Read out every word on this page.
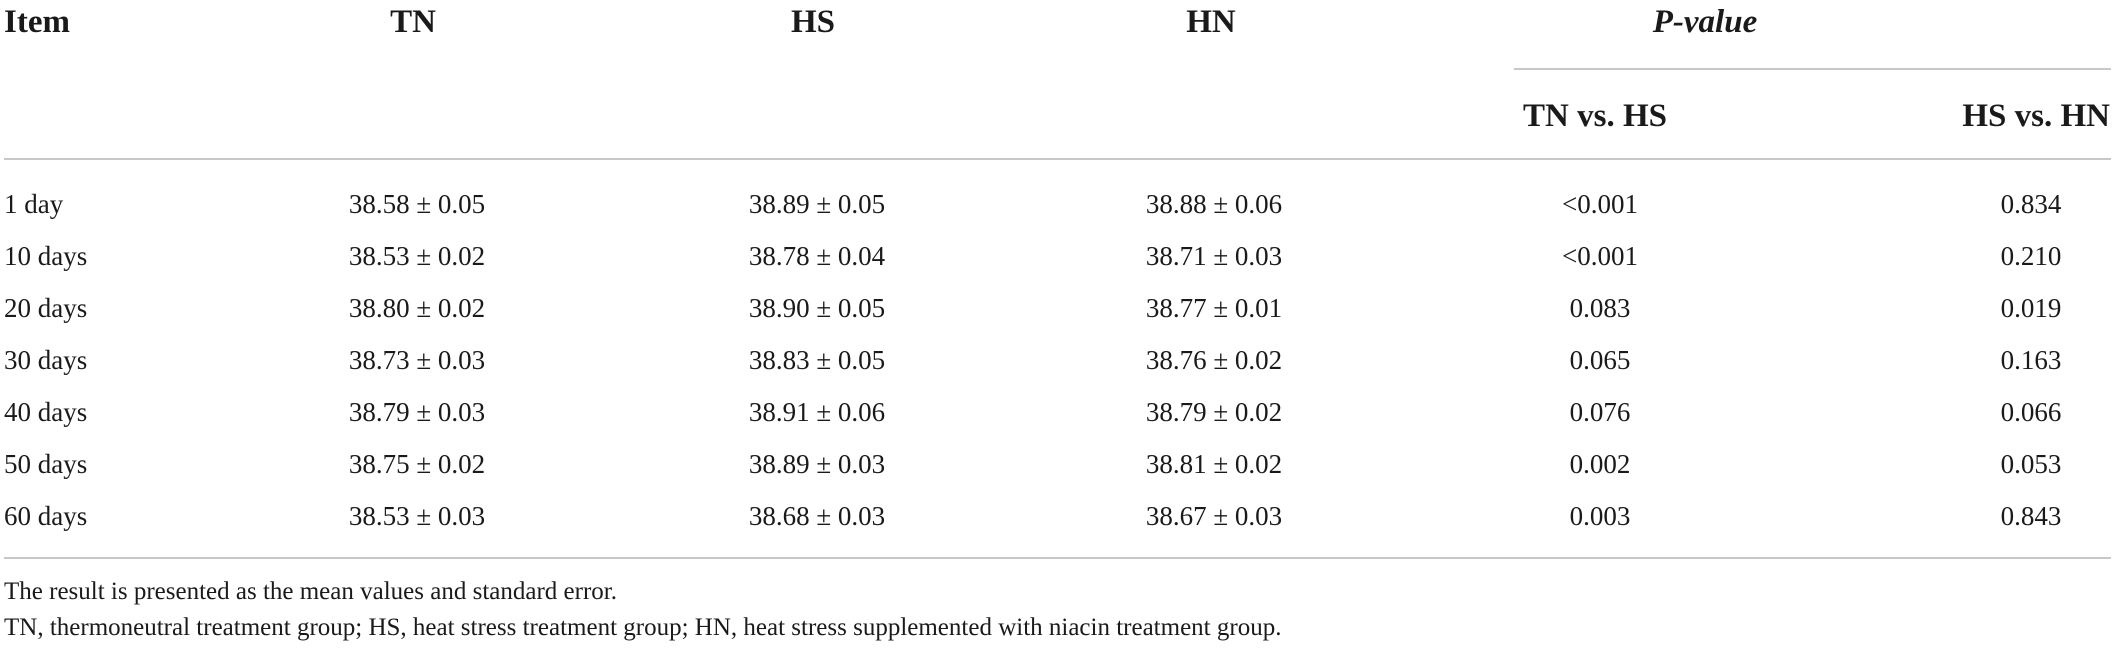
Item	TN	HS	HN	P-value
TN vs. HS	HS vs. HN
1 day	38.58 ± 0.05	38.89 ± 0.05	38.88 ± 0.06	<0.001	0.834
10 days	38.53 ± 0.02	38.78 ± 0.04	38.71 ± 0.03	<0.001	0.210
20 days	38.80 ± 0.02	38.90 ± 0.05	38.77 ± 0.01	0.083	0.019
30 days	38.73 ± 0.03	38.83 ± 0.05	38.76 ± 0.02	0.065	0.163
40 days	38.79 ± 0.03	38.91 ± 0.06	38.79 ± 0.02	0.076	0.066
50 days	38.75 ± 0.02	38.89 ± 0.03	38.81 ± 0.02	0.002	0.053
60 days	38.53 ± 0.03	38.68 ± 0.03	38.67 ± 0.03	0.003	0.843
The result is presented as the mean values and standard error.
TN, thermoneutral treatment group; HS, heat stress treatment group; HN, heat stress supplemented with niacin treatment group.
